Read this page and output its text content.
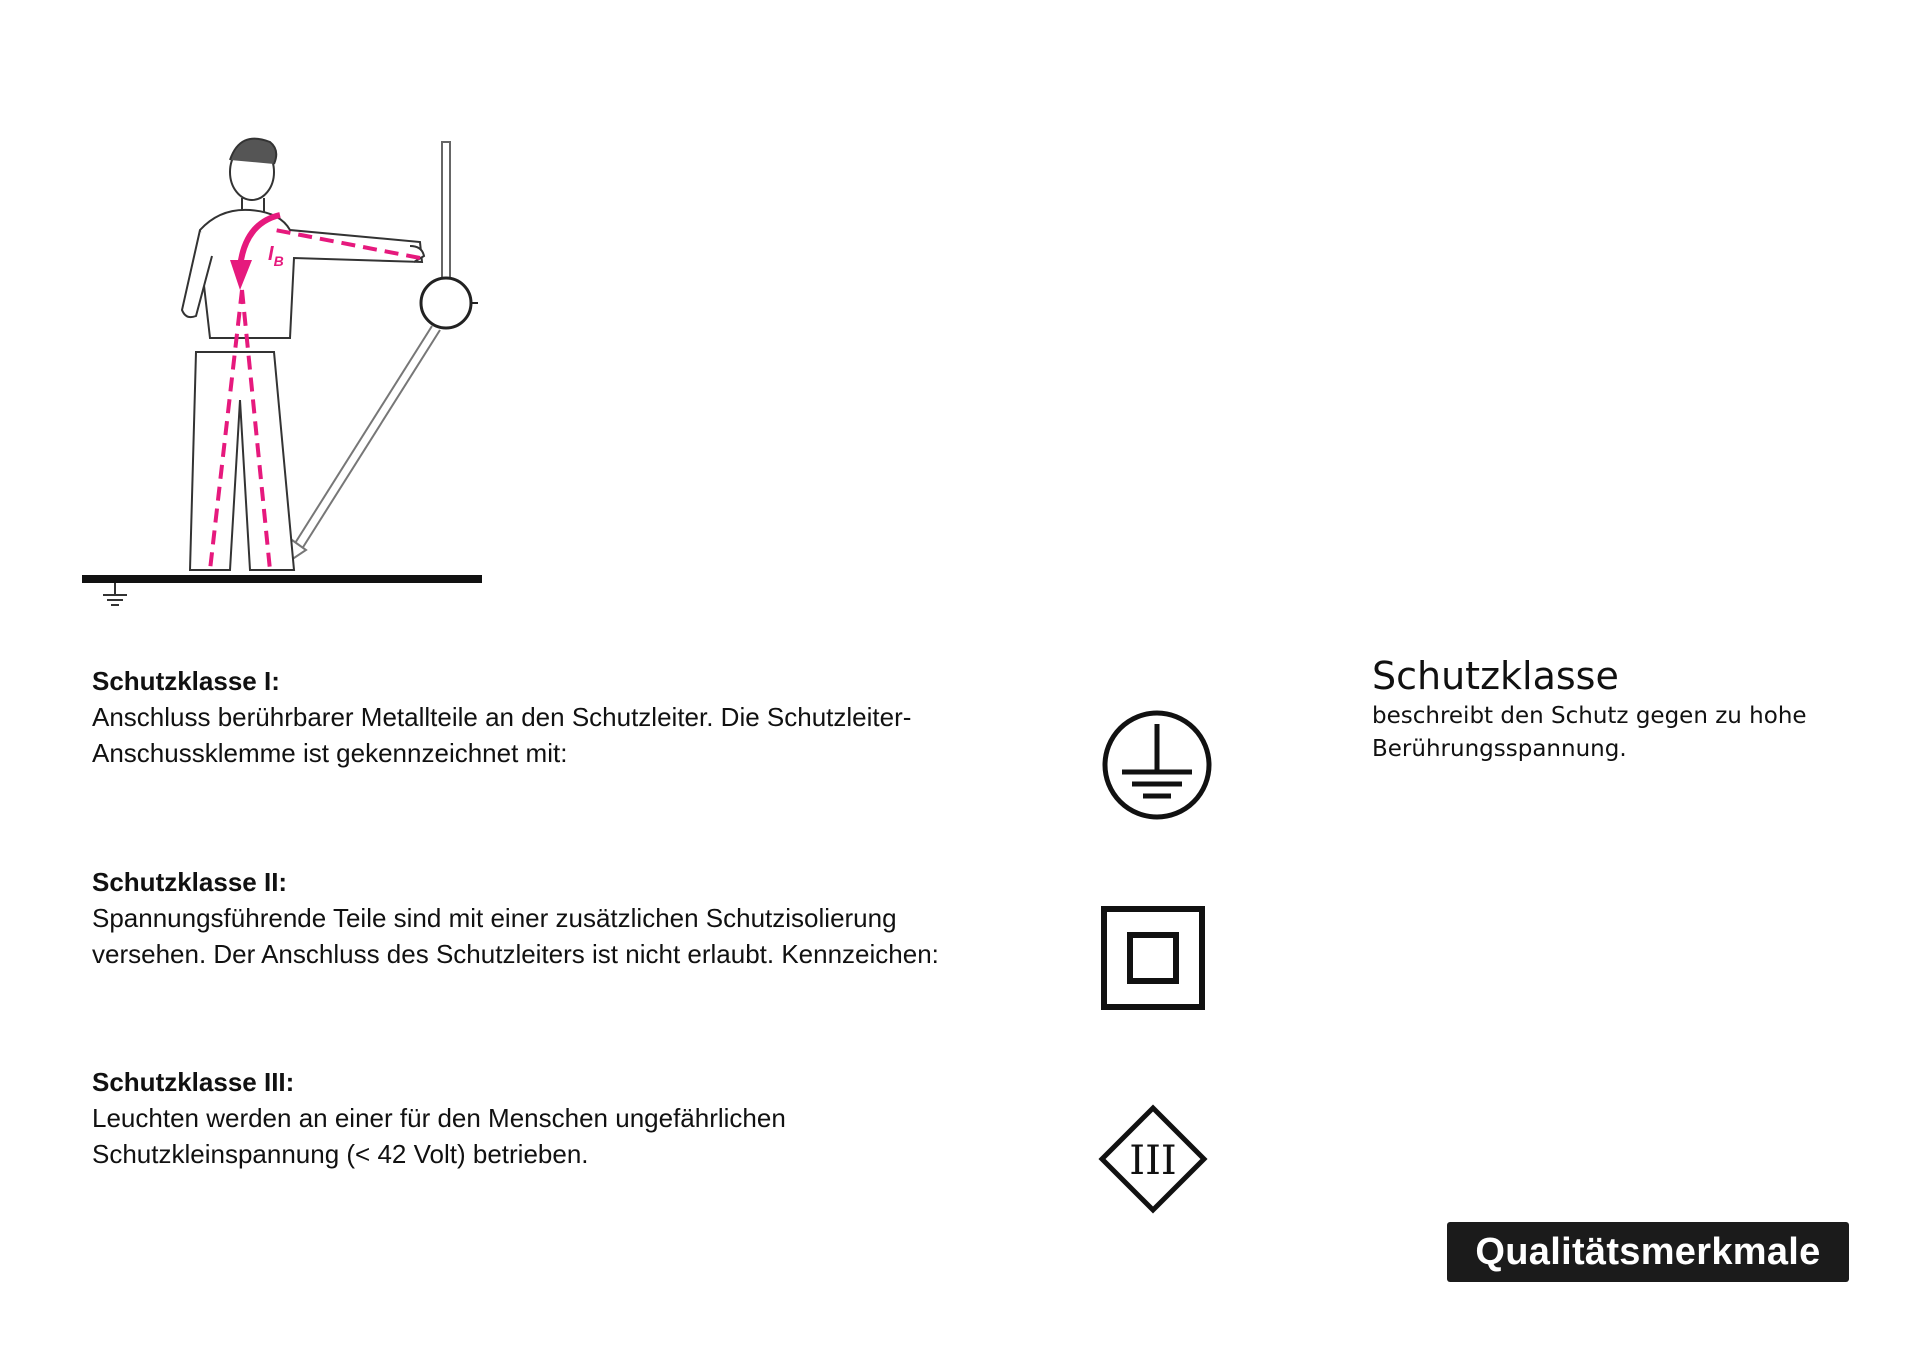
$I_B$

Schutzklasse I:

Anschluss berührbarer Metallteile an den Schutzleiter. Die Schutzleiter-
Anschussklemme ist gekennzeichnet mit:

Schutzklasse II:

Spannungsführende Teile sind mit einer zusätzlichen Schutzisolierung
versehen. Der Anschluss des Schutzleiters ist nicht erlaubt. Kennzeichen:

Schutzklasse III:

Leuchten werden an einer für den Menschen ungefährlichen
Schutzkleinspannung (< 42 Volt) betrieben.	III
Schutzklasse

beschreibt den Schutz gegen zu hohe
Berührungsspannung.

Qualitätsmerkmale
